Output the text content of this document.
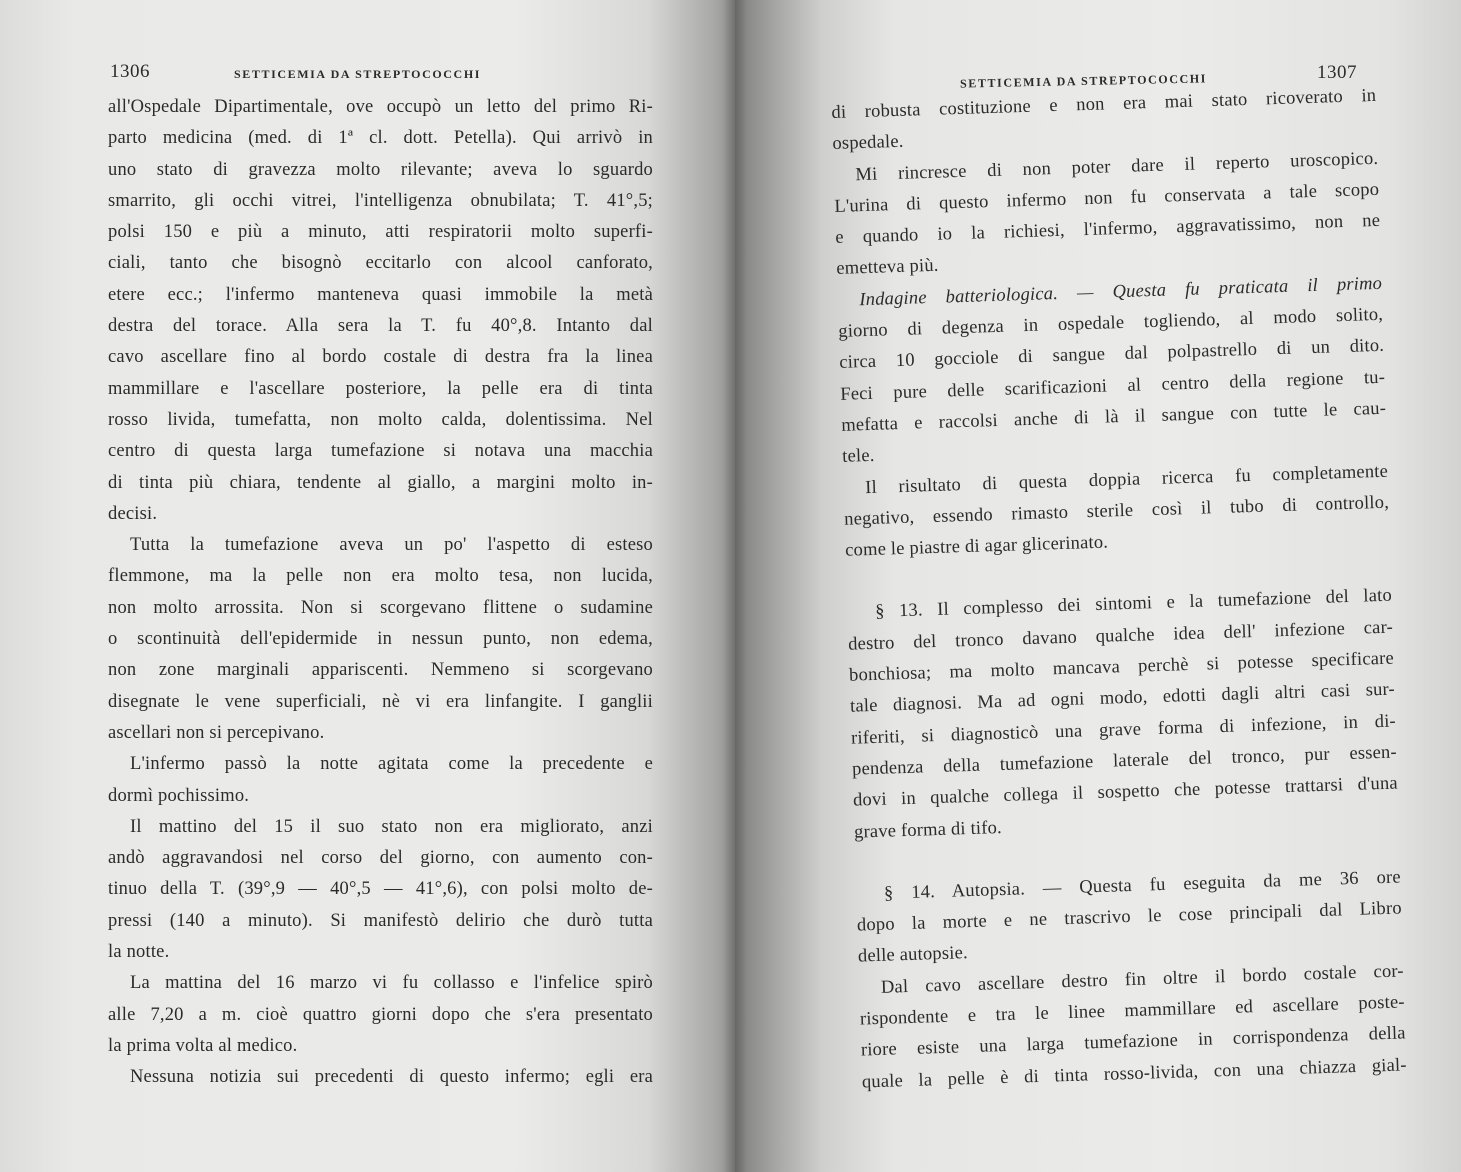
1306	SETTICEMIA DA STREPTOCOCCHI
all'Ospedale Dipartimentale, ove occupò un letto del primo Ri-
parto medicina (med. di 1ª cl. dott. Petella). Qui arrivò in
uno stato di gravezza molto rilevante; aveva lo sguardo
smarrito, gli occhi vitrei, l'intelligenza obnubilata; T. 41°,5;
polsi 150 e più a minuto, atti respiratorii molto superfi-
ciali, tanto che bisognò eccitarlo con alcool canforato,
etere ecc.; l'infermo manteneva quasi immobile la metà
destra del torace. Alla sera la T. fu 40°,8. Intanto dal
cavo ascellare fino al bordo costale di destra fra la linea
mammillare e l'ascellare posteriore, la pelle era di tinta
rosso livida, tumefatta, non molto calda, dolentissima. Nel
centro di questa larga tumefazione si notava una macchia
di tinta più chiara, tendente al giallo, a margini molto in-
decisi.
Tutta la tumefazione aveva un po' l'aspetto di esteso
flemmone, ma la pelle non era molto tesa, non lucida,
non molto arrossita. Non si scorgevano flittene o sudamine
o scontinuità dell'epidermide in nessun punto, non edema,
non zone marginali appariscenti. Nemmeno si scorgevano
disegnate le vene superficiali, nè vi era linfangite. I ganglii
ascellari non si percepivano.
L'infermo passò la notte agitata come la precedente e
dormì pochissimo.
Il mattino del 15 il suo stato non era migliorato, anzi
andò aggravandosi nel corso del giorno, con aumento con-
tinuo della T. (39°,9 — 40°,5 — 41°,6), con polsi molto de-
pressi (140 a minuto). Si manifestò delirio che durò tutta
la notte.
La mattina del 16 marzo vi fu collasso e l'infelice spirò
alle 7,20 a m. cioè quattro giorni dopo che s'era presentato
la prima volta al medico.
Nessuna notizia sui precedenti di questo infermo; egli era
SETTICEMIA DA STREPTOCOCCHI	1307
di robusta costituzione e non era mai stato ricoverato in
ospedale.
Mi rincresce di non poter dare il reperto uroscopico.
L'urina di questo infermo non fu conservata a tale scopo
e quando io la richiesi, l'infermo, aggravatissimo, non ne
emetteva più.
Indagine batteriologica. — Questa fu praticata il primo
giorno di degenza in ospedale togliendo, al modo solito,
circa 10 gocciole di sangue dal polpastrello di un dito.
Feci pure delle scarificazioni al centro della regione tu-
mefatta e raccolsi anche di là il sangue con tutte le cau-
tele.
Il risultato di questa doppia ricerca fu completamente
negativo, essendo rimasto sterile così il tubo di controllo,
come le piastre di agar glicerinato.
§ 13. Il complesso dei sintomi e la tumefazione del lato
destro del tronco davano qualche idea dell' infezione car-
bonchiosa; ma molto mancava perchè si potesse specificare
tale diagnosi. Ma ad ogni modo, edotti dagli altri casi sur-
riferiti, si diagnosticò una grave forma di infezione, in di-
pendenza della tumefazione laterale del tronco, pur essen-
dovi in qualche collega il sospetto che potesse trattarsi d'una
grave forma di tifo.
§ 14. Autopsia. — Questa fu eseguita da me 36 ore
dopo la morte e ne trascrivo le cose principali dal Libro
delle autopsie.
Dal cavo ascellare destro fin oltre il bordo costale cor-
rispondente e tra le linee mammillare ed ascellare poste-
riore esiste una larga tumefazione in corrispondenza della
quale la pelle è di tinta rosso-livida, con una chiazza gial-
